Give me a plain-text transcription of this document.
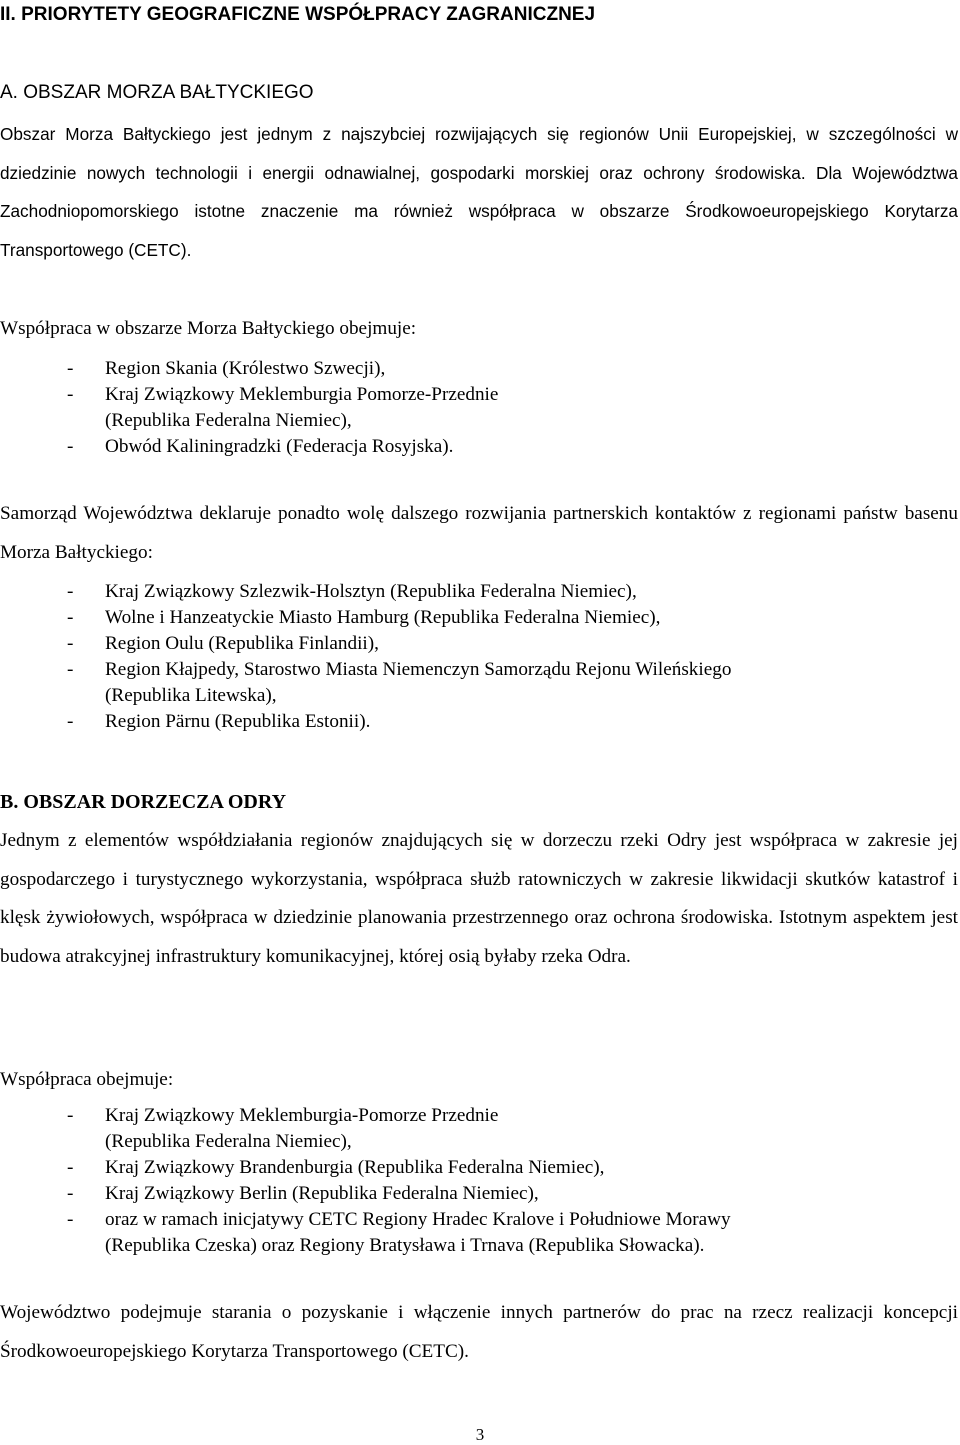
II. PRIORYTETY GEOGRAFICZNE WSPÓŁPRACY ZAGRANICZNEJ
A. OBSZAR MORZA BAŁTYCKIEGO

Obszar Morza Bałtyckiego jest jednym z najszybciej rozwijających się regionów Unii Europejskiej, w szczególności w dziedzinie nowych technologii i energii odnawialnej, gospodarki morskiej oraz ochrony środowiska. Dla Województwa Zachodniopomorskiego istotne znaczenie ma również współpraca w obszarze Środkowoeuropejskiego Korytarza Transportowego (CETC).

Współpraca w obszarze Morza Bałtyckiego obejmuje:

- Region Skania (Królestwo Szwecji),
- Kraj Związkowy Meklemburgia Pomorze-Przednie
(Republika Federalna Niemiec),
- Obwód Kaliningradzki (Federacja Rosyjska).

Samorząd Województwa deklaruje ponadto wolę dalszego rozwijania partnerskich kontaktów z regionami państw basenu Morza Bałtyckiego:

- Kraj Związkowy Szlezwik-Holsztyn (Republika Federalna Niemiec),
- Wolne i Hanzeatyckie Miasto Hamburg (Republika Federalna Niemiec),
- Region Oulu (Republika Finlandii),
- Region Kłajpedy, Starostwo Miasta Niemenczyn Samorządu Rejonu Wileńskiego
(Republika Litewska),
- Region Pärnu (Republika Estonii).
B. OBSZAR DORZECZA ODRY

Jednym z elementów współdziałania regionów znajdujących się w dorzeczu rzeki Odry jest współpraca w zakresie jej gospodarczego i turystycznego wykorzystania, współpraca służb ratowniczych w zakresie likwidacji skutków katastrof i klęsk żywiołowych, współpraca w dziedzinie planowania przestrzennego oraz ochrona środowiska. Istotnym aspektem jest budowa atrakcyjnej infrastruktury komunikacyjnej, której osią byłaby rzeka Odra.

Współpraca obejmuje:

- Kraj Związkowy Meklemburgia-Pomorze Przednie
(Republika Federalna Niemiec),
- Kraj Związkowy Brandenburgia (Republika Federalna Niemiec),
- Kraj Związkowy Berlin (Republika Federalna Niemiec),
- oraz w ramach inicjatywy CETC Regiony Hradec Kralove i Południowe Morawy
(Republika Czeska) oraz Regiony Bratysława i Trnava (Republika Słowacka).

Województwo podejmuje starania o pozyskanie i włączenie innych partnerów do prac na rzecz realizacji koncepcji Środkowoeuropejskiego Korytarza Transportowego (CETC).

3
